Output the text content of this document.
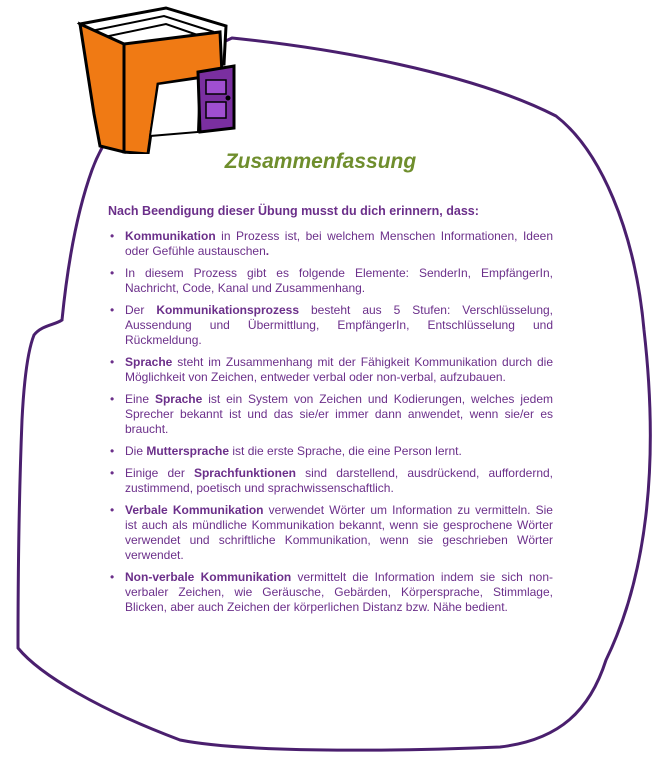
Zusammenfassung
Nach Beendigung dieser Übung musst du dich erinnern, dass:
• Kommunikation in Prozess ist, bei welchem Menschen Informationen, Ideen oder Gefühle austauschen.
• In diesem Prozess gibt es folgende Elemente: SenderIn, EmpfängerIn, Nachricht, Code, Kanal und Zusammenhang.
• Der Kommunikationsprozess besteht aus 5 Stufen: Verschlüsselung, Aussendung und Übermittlung, EmpfängerIn, Entschlüsselung und Rückmeldung.
• Sprache steht im Zusammenhang mit der Fähigkeit Kommunikation durch die Möglichkeit von Zeichen, entweder verbal oder non-verbal, aufzubauen.
• Eine Sprache ist ein System von Zeichen und Kodierungen, welches jedem Sprecher bekannt ist und das sie/er immer dann anwendet, wenn sie/er es braucht.
• Die Muttersprache ist die erste Sprache, die eine Person lernt.
• Einige der Sprachfunktionen sind darstellend, ausdrückend, auffordernd, zustimmend, poetisch und sprachwissenschaftlich.
• Verbale Kommunikation verwendet Wörter um Information zu vermitteln. Sie ist auch als mündliche Kommunikation bekannt, wenn sie gesprochene Wörter verwendet und schriftliche Kommunikation, wenn sie geschrieben Wörter verwendet.
• Non-verbale Kommunikation vermittelt die Information indem sie sich non-verbaler Zeichen, wie Geräusche, Gebärden, Körpersprache, Stimmlage, Blicken, aber auch Zeichen der körperlichen Distanz bzw. Nähe bedient.
